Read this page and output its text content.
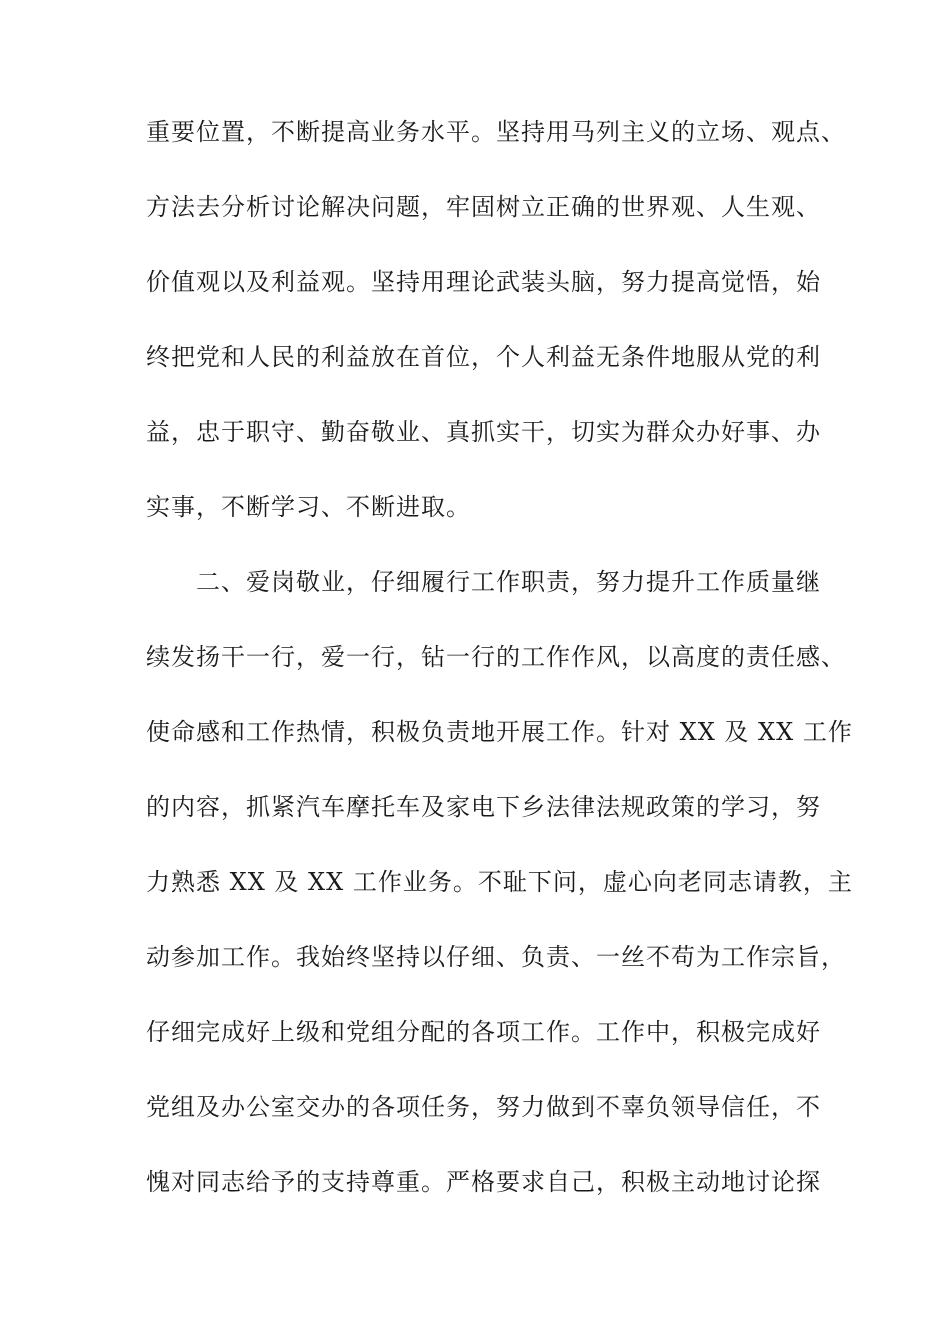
重要位置，不断提高业务水平。坚持用马列主义的立场、观点、
方法去分析讨论解决问题，牢固树立正确的世界观、人生观、
价值观以及利益观。坚持用理论武装头脑，努力提高觉悟，始
终把党和人民的利益放在首位，个人利益无条件地服从党的利
益，忠于职守、勤奋敬业、真抓实干，切实为群众办好事、办
实事，不断学习、不断进取。
　　二、爱岗敬业，仔细履行工作职责，努力提升工作质量继
续发扬干一行，爱一行，钻一行的工作作风，以高度的责任感、
使命感和工作热情，积极负责地开展工作。针对 XX 及 XX 工作
的内容，抓紧汽车摩托车及家电下乡法律法规政策的学习，努
力熟悉 XX 及 XX 工作业务。不耻下问，虚心向老同志请教，主
动参加工作。我始终坚持以仔细、负责、一丝不苟为工作宗旨，
仔细完成好上级和党组分配的各项工作。工作中，积极完成好
党组及办公室交办的各项任务，努力做到不辜负领导信任，不
愧对同志给予的支持尊重。严格要求自己，积极主动地讨论探
